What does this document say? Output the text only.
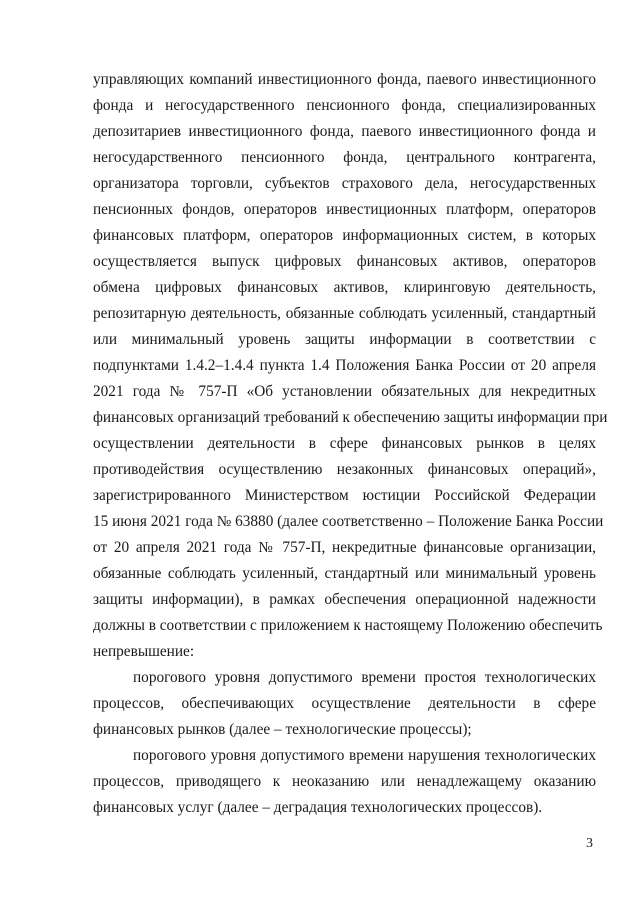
управляющих компаний инвестиционного фонда, паевого инвестиционного
фонда и негосударственного пенсионного фонда, специализированных
депозитариев инвестиционного фонда, паевого инвестиционного фонда и
негосударственного пенсионного фонда, центрального контрагента,
организатора торговли, субъектов страхового дела, негосударственных
пенсионных фондов, операторов инвестиционных платформ, операторов
финансовых платформ, операторов информационных систем, в которых
осуществляется выпуск цифровых финансовых активов, операторов
обмена цифровых финансовых активов, клиринговую деятельность,
репозитарную деятельность, обязанные соблюдать усиленный, стандартный
или минимальный уровень защиты информации в соответствии с
подпунктами 1.4.2–1.4.4 пункта 1.4 Положения Банка России от 20 апреля
2021 года № 757-П «Об установлении обязательных для некредитных
финансовых организаций требований к обеспечению защиты информации при
осуществлении деятельности в сфере финансовых рынков в целях
противодействия осуществлению незаконных финансовых операций»,
зарегистрированного Министерством юстиции Российской Федерации
15 июня 2021 года № 63880 (далее соответственно – Положение Банка России
от 20 апреля 2021 года № 757-П, некредитные финансовые организации,
обязанные соблюдать усиленный, стандартный или минимальный уровень
защиты информации), в рамках обеспечения операционной надежности
должны в соответствии с приложением к настоящему Положению обеспечить
непревышение:
порогового уровня допустимого времени простоя технологических
процессов, обеспечивающих осуществление деятельности в сфере
финансовых рынков (далее – технологические процессы);
порогового уровня допустимого времени нарушения технологических
процессов, приводящего к неоказанию или ненадлежащему оказанию
финансовых услуг (далее – деградация технологических процессов).
3
